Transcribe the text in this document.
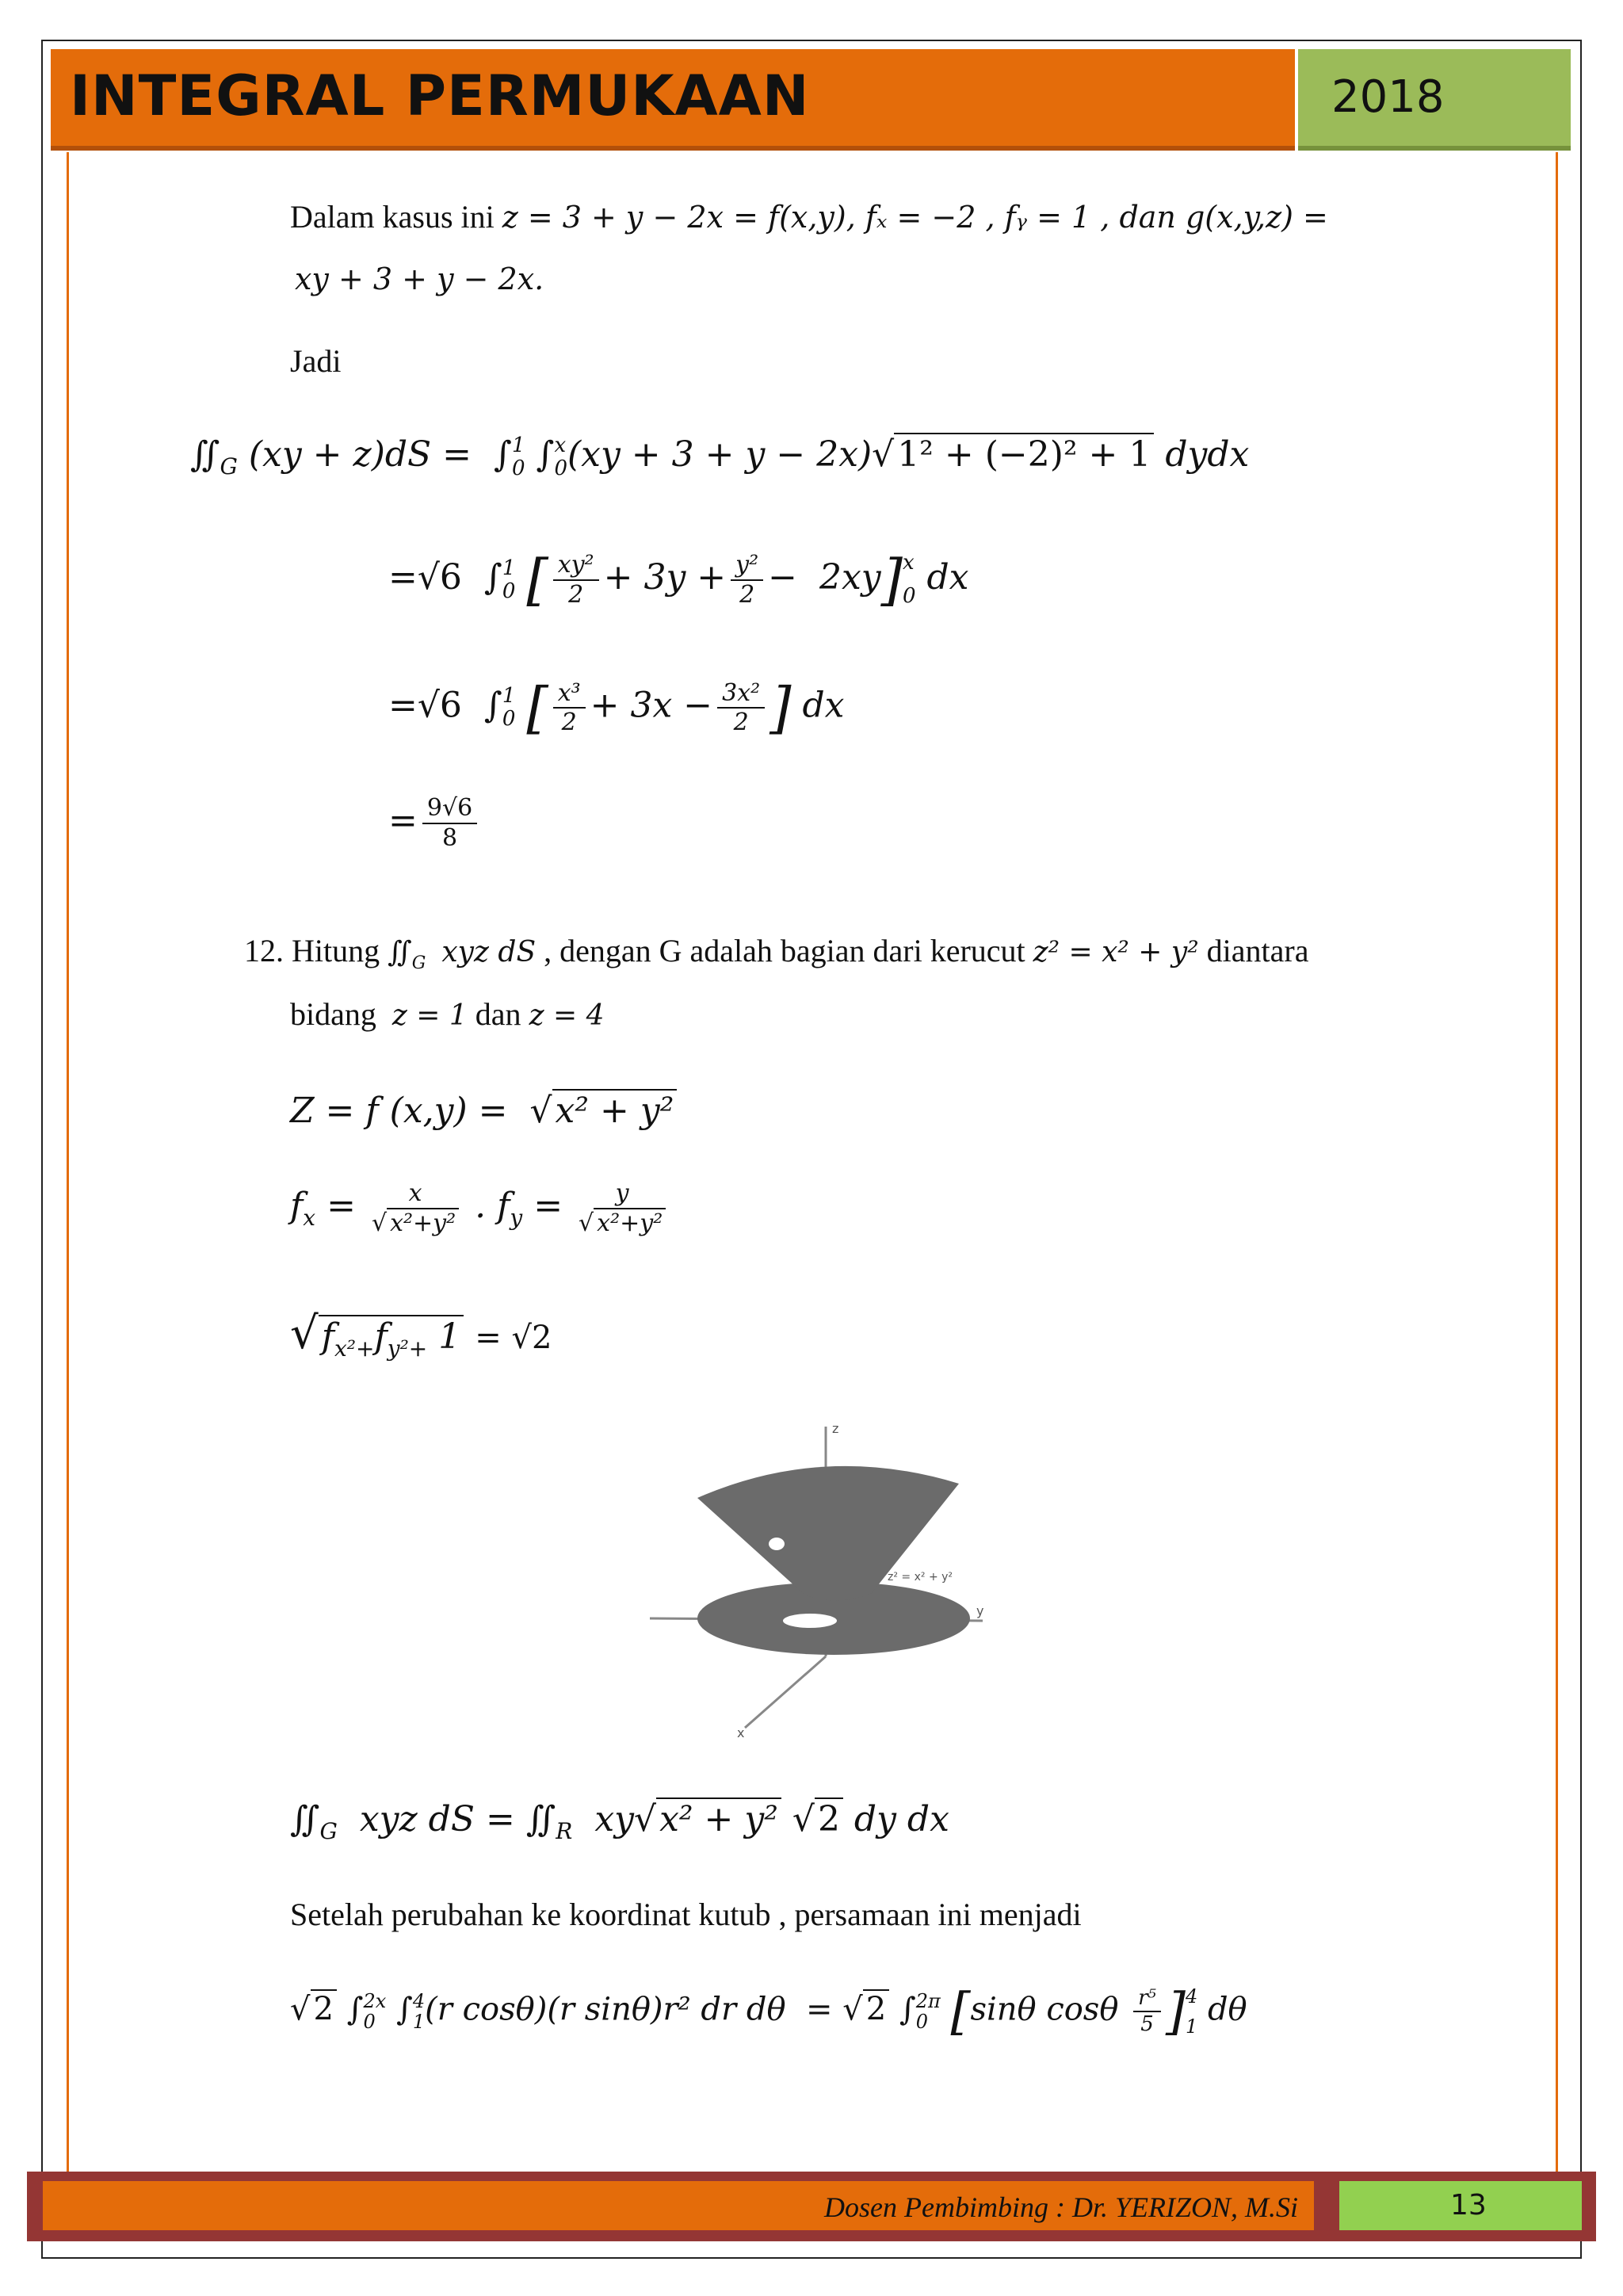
INTEGRAL PERMUKAAN	2018
Dalam kasus ini z = 3 + y − 2x = f(x,y), fₓ = −2 , fᵧ = 1 , dan g(x,y,z) =
xy + 3 + y − 2x.
Jadi
$∬_G$ (xy + z)dS =  ∫ 1
0 ∫ x
0 (xy + 3 + y − 2x)√1² + (−2)² + 1 dydx
=√6 ∫ 1
0 [ $\frac{\text{xy²}}{2} + 3y + \frac{\text{y²}}{2} - 2xy$] x
0 dx
=√6 ∫ 1
0 [ $\frac{\text{x³}}{2} + 3x - \frac{\text{3x²}}{2}$ ] dx
= $\frac{9√6}{8}$
12. Hitung $∬_G$ xyz dS , dengan G adalah bagian dari kerucut z² = x² + y² diantara
bidang z = 1 dan z = 4
Z = f (x,y) =  √x² + y²
$f_x = \frac{x}{\text{√ x²+y²}}$ . $f_y = \frac{y}{\text{√ x²+y²}}$
$√f_{x^2+}f_{y^2+}$ 1 = √2
z
x
y
z² = x² + y²
$∬_G$  xyz dS = $∬_R$  xy√x² + y² √2 dy dx
Setelah perubahan ke koordinat kutub , persamaan ini menjadi
√ 2 ∫ 2x
0 ∫ 4
1 (r cosθ)(r sinθ)r² dr dθ  = √ 2 ∫ 2π
0 [sinθ cosθ $\frac{\text{r⁵}}{5}$ ] 4
1 dθ
Dosen Pembimbing : Dr. YERIZON, M.Si	13
